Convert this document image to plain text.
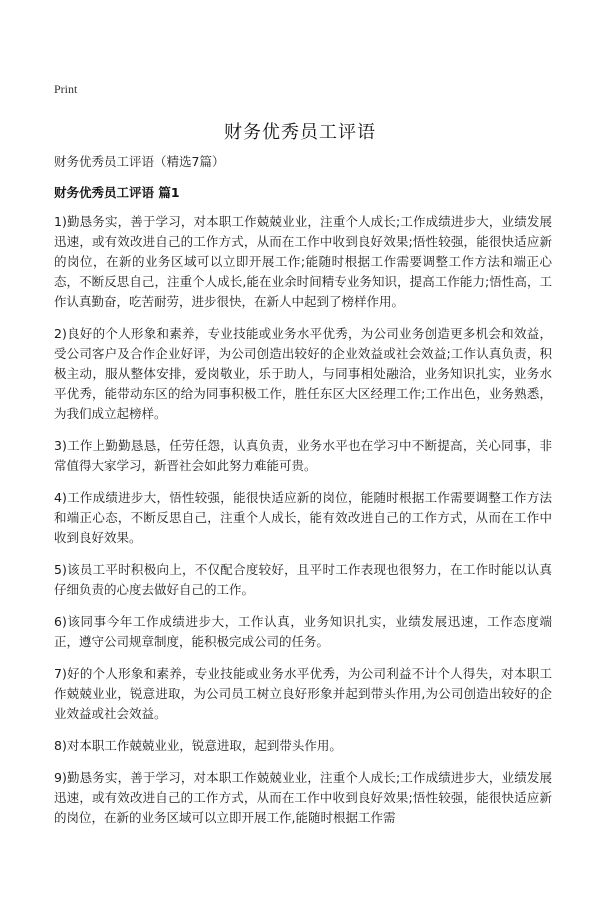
Print
财务优秀员工评语
财务优秀员工评语（精选7篇）
财务优秀员工评语 篇1

1)勤恳务实，善于学习，对本职工作兢兢业业，注重个人成长;工作成绩进步大，业绩发展迅速，或有效改进自己的工作方式，从而在工作中收到良好效果;悟性较强，能很快适应新的岗位，在新的业务区域可以立即开展工作;能随时根据工作需要调整工作方法和端正心态，不断反思自己，注重个人成长,能在业余时间精专业务知识，提高工作能力;悟性高，工作认真勤奋，吃苦耐劳，进步很快，在新人中起到了榜样作用。

2)良好的个人形象和素养，专业技能或业务水平优秀，为公司业务创造更多机会和效益，受公司客户及合作企业好评，为公司创造出较好的企业效益或社会效益;工作认真负责，积极主动，服从整体安排，爱岗敬业，乐于助人，与同事相处融洽，业务知识扎实，业务水平优秀，能带动东区的给为同事积极工作，胜任东区大区经理工作;工作出色，业务熟悉，为我们成立起榜样。

3)工作上勤勤恳恳，任劳任怨，认真负责，业务水平也在学习中不断提高，关心同事，非常值得大家学习，新晋社会如此努力难能可贵。

4)工作成绩进步大，悟性较强，能很快适应新的岗位，能随时根据工作需要调整工作方法和端正心态，不断反思自己，注重个人成长，能有效改进自己的工作方式，从而在工作中收到良好效果。

5)该员工平时积极向上，不仅配合度较好，且平时工作表现也很努力，在工作时能以认真仔细负责的心度去做好自己的工作。

6)该同事今年工作成绩进步大，工作认真，业务知识扎实，业绩发展迅速，工作态度端正，遵守公司规章制度，能积极完成公司的任务。

7)好的个人形象和素养，专业技能或业务水平优秀，为公司利益不计个人得失，对本职工作兢兢业业，锐意进取，为公司员工树立良好形象并起到带头作用,为公司创造出较好的企业效益或社会效益。

8)对本职工作兢兢业业，锐意进取，起到带头作用。

9)勤恳务实，善于学习，对本职工作兢兢业业，注重个人成长;工作成绩进步大，业绩发展迅速，或有效改进自己的工作方式，从而在工作中收到良好效果;悟性较强，能很快适应新的岗位，在新的业务区域可以立即开展工作,能随时根据工作需
